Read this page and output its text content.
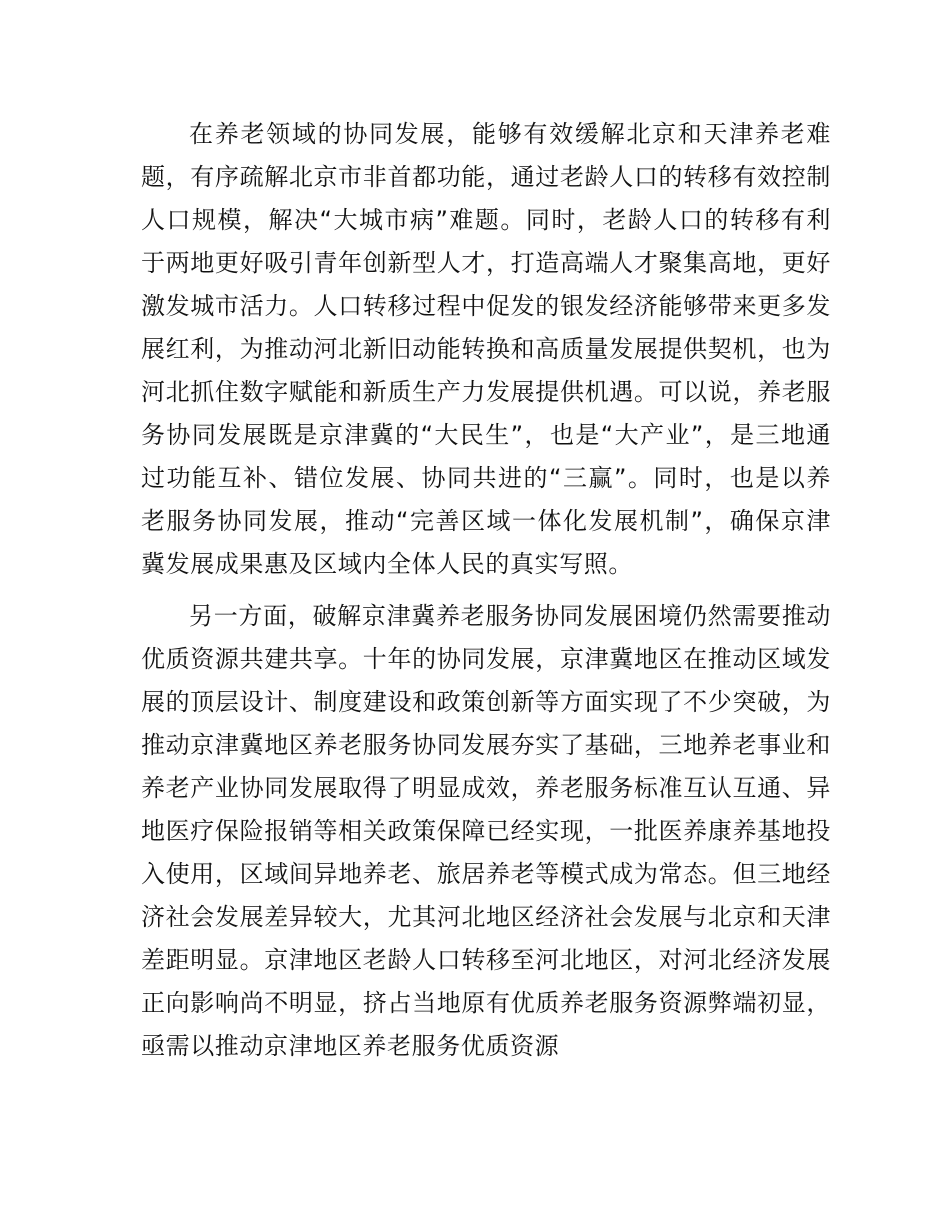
在养老领域的协同发展，能够有效缓解北京和天津养老难题，有序疏解北京市非首都功能，通过老龄人口的转移有效控制人口规模，解决“大城市病”难题。同时，老龄人口的转移有利于两地更好吸引青年创新型人才，打造高端人才聚集高地，更好激发城市活力。人口转移过程中促发的银发经济能够带来更多发展红利，为推动河北新旧动能转换和高质量发展提供契机，也为河北抓住数字赋能和新质生产力发展提供机遇。可以说，养老服务协同发展既是京津冀的“大民生”，也是“大产业”，是三地通过功能互补、错位发展、协同共进的“三赢”。同时，也是以养老服务协同发展，推动“完善区域一体化发展机制”，确保京津冀发展成果惠及区域内全体人民的真实写照。

另一方面，破解京津冀养老服务协同发展困境仍然需要推动优质资源共建共享。十年的协同发展，京津冀地区在推动区域发展的顶层设计、制度建设和政策创新等方面实现了不少突破，为推动京津冀地区养老服务协同发展夯实了基础，三地养老事业和养老产业协同发展取得了明显成效，养老服务标准互认互通、异地医疗保险报销等相关政策保障已经实现，一批医养康养基地投入使用，区域间异地养老、旅居养老等模式成为常态。但三地经济社会发展差异较大，尤其河北地区经济社会发展与北京和天津差距明显。京津地区老龄人口转移至河北地区，对河北经济发展正向影响尚不明显，挤占当地原有优质养老服务资源弊端初显，亟需以推动京津地区养老服务优质资源
